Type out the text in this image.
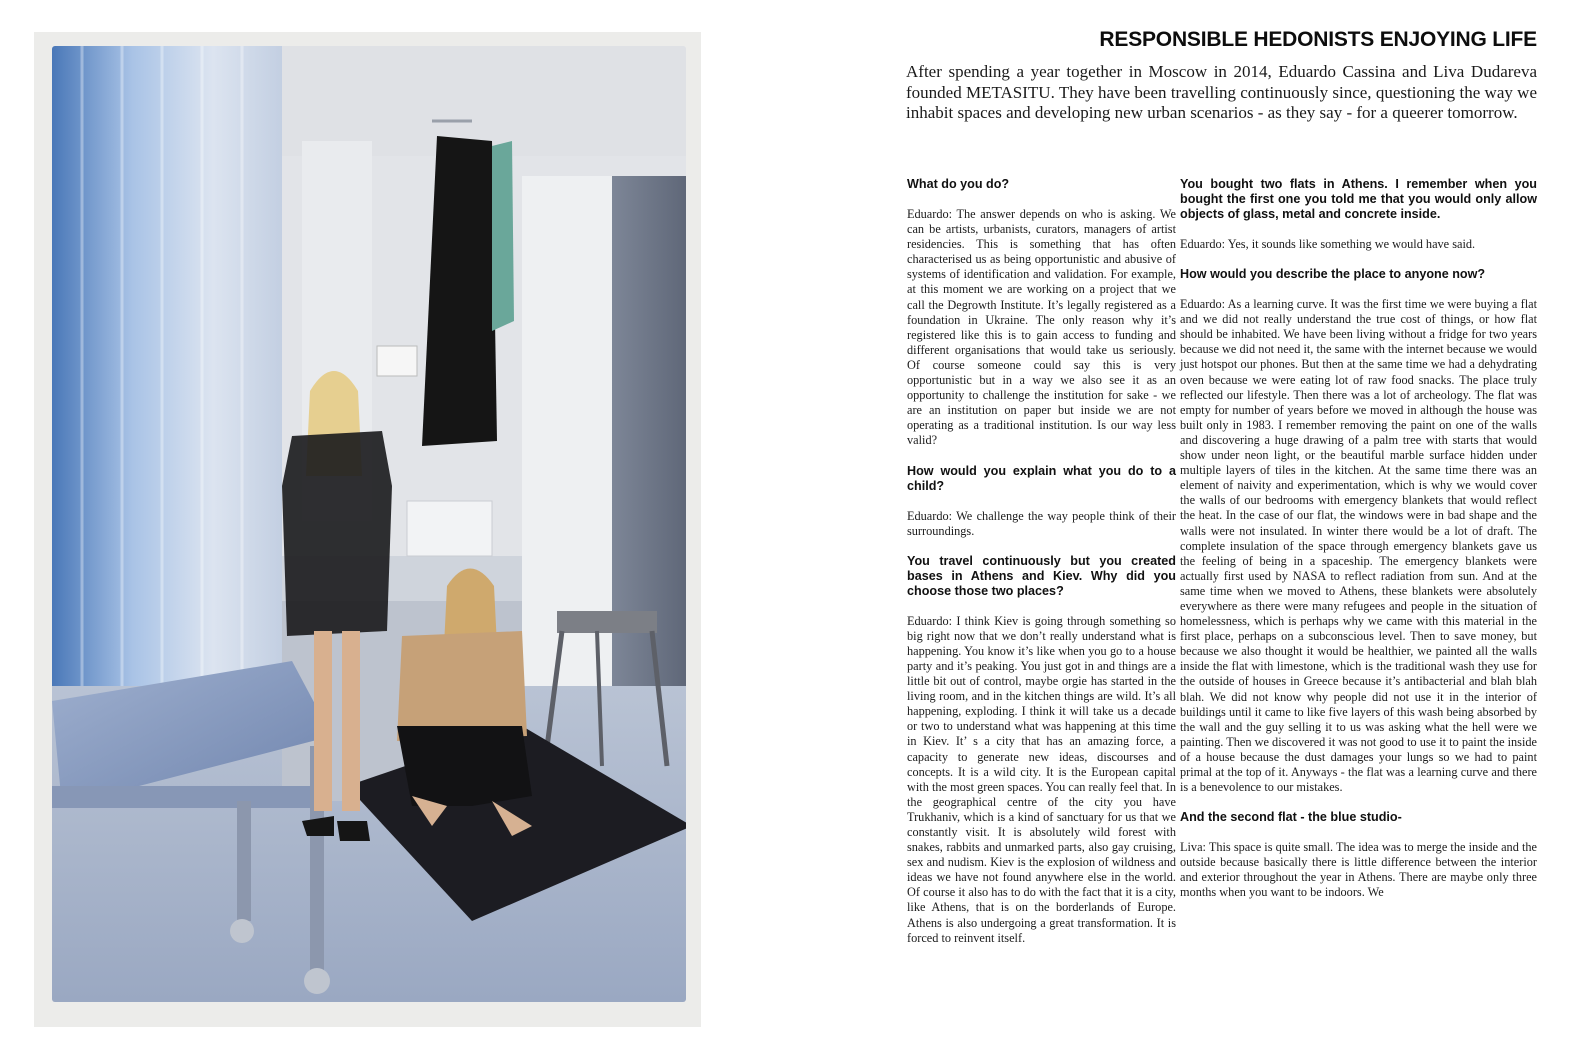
RESPONSIBLE HEDONISTS ENJOYING LIFE

After spending a year together in Moscow in 2014, Eduardo Cassina and Liva Dudareva founded METASITU. They have been travelling continuously since, questioning the way we inhabit spaces and developing new urban scenarios - as they say - for a queerer tomorrow.

What do you do?

Eduardo: The answer depends on who is asking. We can be artists, urbanists, curators, managers of artist residencies. This is something that has often characterised us as being opportunistic and abusive of systems of identification and validation. For example, at this moment we are working on a project that we call the Degrowth Institute. It’s legally registered as a foundation in Ukraine. The only reason why it’s registered like this is to gain access to funding and different organisations that would take us seriously. Of course someone could say this is very opportunistic but in a way we also see it as an opportunity to challenge the institution for sake - we are an institution on paper but inside we are not operating as a traditional institution. Is our way less valid?

How would you explain what you do to a child?

Eduardo: We challenge the way people think of their surroundings.

You travel continuously but you created bases in Athens and Kiev. Why did you choose those two places?

Eduardo: I think Kiev is going through something so big right now that we don’t really understand what is happening. You know it’s like when you go to a house party and it’s peaking. You just got in and things are a little bit out of control, maybe orgie has started in the living room, and in the kitchen things are wild. It’s all happening, exploding. I think it will take us a decade or two to understand what was happening at this time in Kiev. It’ s a city that has an amazing force, a capacity to generate new ideas, discourses and concepts. It is a wild city. It is the European capital with the most green spaces. You can really feel that. In the geographical centre of the city you have Trukhaniv, which is a kind of sanctuary for us that we constantly visit. It is absolutely wild forest with snakes, rabbits and unmarked parts, also gay cruising, sex and nudism. Kiev is the explosion of wildness and ideas we have not found anywhere else in the world. Of course it also has to do with the fact that it is a city, like Athens, that is on the borderlands of Europe. Athens is also undergoing a great transformation. It is forced to reinvent itself.

You bought two flats in Athens. I remember when you bought the first one you told me that you would only allow objects of glass, metal and concrete inside.

Eduardo: Yes, it sounds like something we would have said.

How would you describe the place to anyone now?

Eduardo: As a learning curve. It was the first time we were buying a flat and we did not really understand the true cost of things, or how flat should be inhabited. We have been living without a fridge for two years because we did not need it, the same with the internet because we would just hotspot our phones. But then at the same time we had a dehydrating oven because we were eating lot of raw food snacks. The place truly reflected our lifestyle. Then there was a lot of archeology. The flat was empty for number of years before we moved in although the house was built only in 1983. I remember removing the paint on one of the walls and discovering a huge drawing of a palm tree with starts that would show under neon light, or the beautiful marble surface hidden under multiple layers of tiles in the kitchen. At the same time there was an element of naivity and experimentation, which is why we would cover the walls of our bedrooms with emergency blankets that would reflect the heat. In the case of our flat, the windows were in bad shape and the walls were not insulated. In winter there would be a lot of draft. The complete insulation of the space through emergency blankets gave us the feeling of being in a spaceship. The emergency blankets were actually first used by NASA to reflect radiation from sun. And at the same time when we moved to Athens, these blankets were absolutely everywhere as there were many refugees and people in the situation of homelessness, which is perhaps why we came with this material in the first place, perhaps on a subconscious level. Then to save money, but because we also thought it would be healthier, we painted all the walls inside the flat with limestone, which is the traditional wash they use for the outside of houses in Greece because it’s antibacterial and blah blah blah. We did not know why people did not use it in the interior of buildings until it came to like five layers of this wash being absorbed by the wall and the guy selling it to us was asking what the hell were we painting. Then we discovered it was not good to use it to paint the inside of a house because the dust damages your lungs so we had to paint primal at the top of it. Anyways - the flat was a learning curve and there is a benevolence to our mistakes.

And the second flat - the blue studio-

Liva: This space is quite small. The idea was to merge the inside and the outside because basically there is little difference between the interior and exterior throughout the year in Athens. There are maybe only three months when you want to be indoors. We
